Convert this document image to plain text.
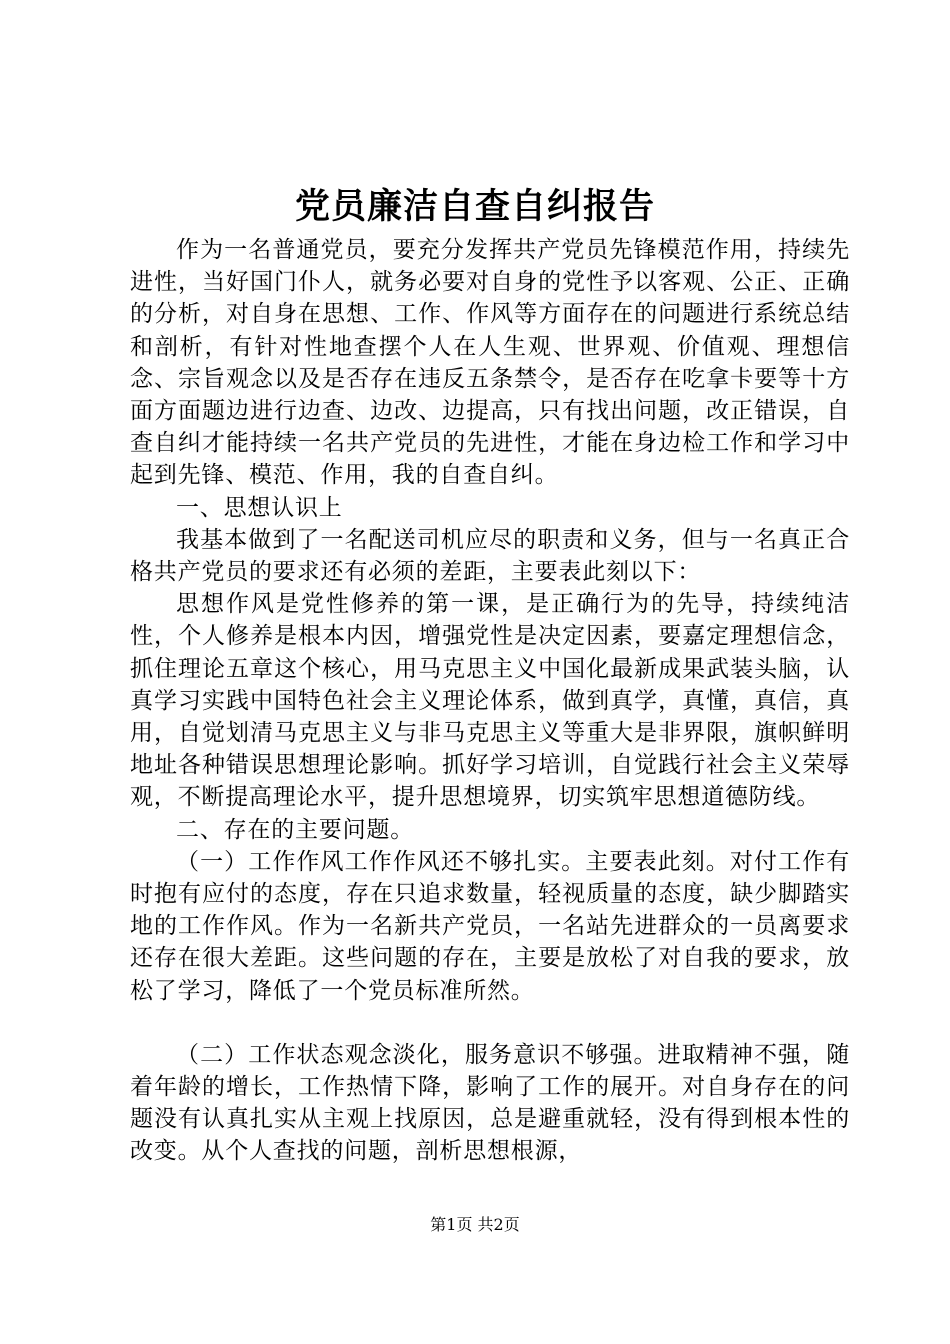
党员廉洁自查自纠报告

作为一名普通党员，要充分发挥共产党员先锋模范作用，持续先进性，当好国门仆人，就务必要对自身的党性予以客观、公正、正确的分析，对自身在思想、工作、作风等方面存在的问题进行系统总结和剖析，有针对性地查摆个人在人生观、世界观、价值观、理想信念、宗旨观念以及是否存在违反五条禁令，是否存在吃拿卡要等十方面方面题边进行边查、边改、边提高，只有找出问题，改正错误，自查自纠才能持续一名共产党员的先进性，才能在身边检工作和学习中起到先锋、模范、作用，我的自查自纠。

一、思想认识上

我基本做到了一名配送司机应尽的职责和义务，但与一名真正合格共产党员的要求还有必须的差距，主要表此刻以下：

思想作风是党性修养的第一课，是正确行为的先导，持续纯洁性，个人修养是根本内因，增强党性是决定因素，要嘉定理想信念，抓住理论五章这个核心，用马克思主义中国化最新成果武装头脑，认真学习实践中国特色社会主义理论体系，做到真学，真懂，真信，真用，自觉划清马克思主义与非马克思主义等重大是非界限，旗帜鲜明地址各种错误思想理论影响。抓好学习培训，自觉践行社会主义荣辱观，不断提高理论水平，提升思想境界，切实筑牢思想道德防线。

二、存在的主要问题。

（一）工作作风工作作风还不够扎实。主要表此刻。对付工作有时抱有应付的态度，存在只追求数量，轻视质量的态度，缺少脚踏实地的工作作风。作为一名新共产党员，一名站先进群众的一员离要求还存在很大差距。这些问题的存在，主要是放松了对自我的要求，放松了学习，降低了一个党员标准所然。

（二）工作状态观念淡化，服务意识不够强。进取精神不强，随着年龄的增长，工作热情下降，影响了工作的展开。对自身存在的问题没有认真扎实从主观上找原因，总是避重就轻，没有得到根本性的改变。从个人查找的问题，剖析思想根源，

第1页 共2页
